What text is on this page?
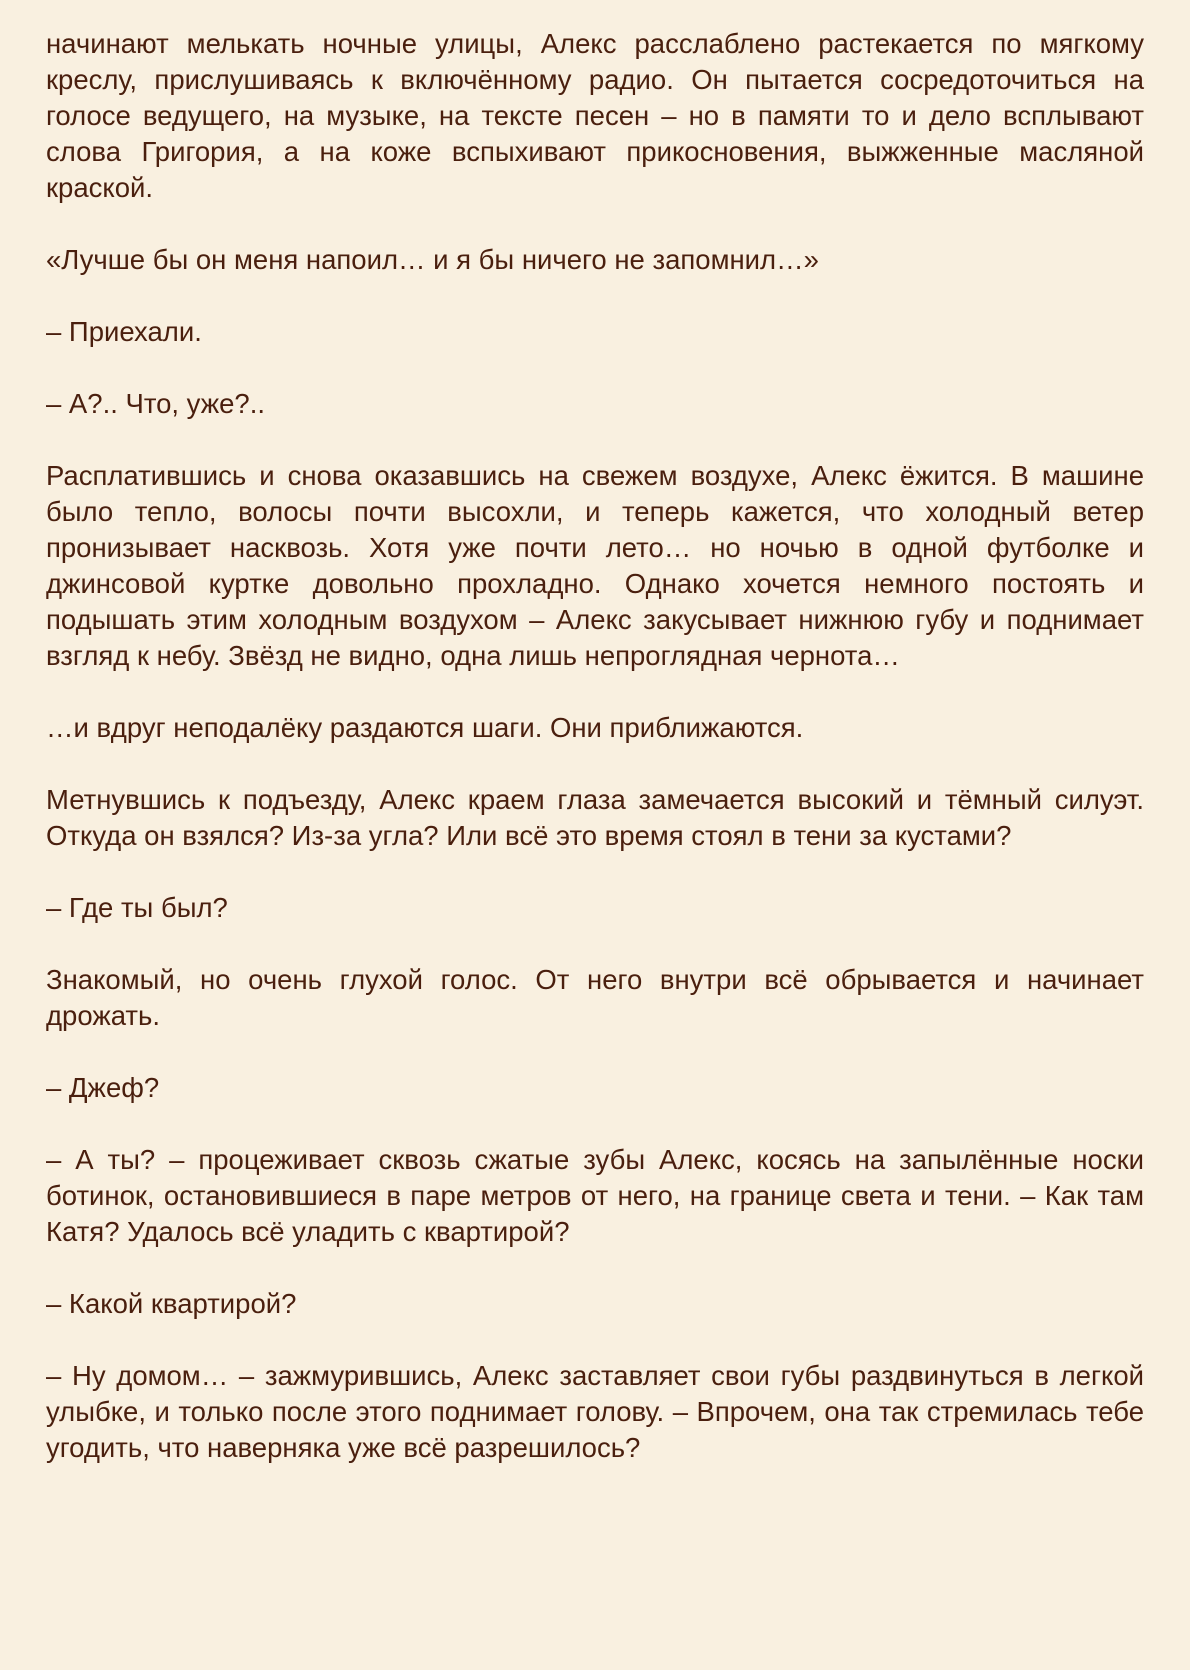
начинают мелькать ночные улицы, Алекс расслаблено растекается по мягкому креслу, прислушиваясь к включённому радио. Он пытается сосредоточиться на голосе ведущего, на музыке, на тексте песен – но в памяти то и дело всплывают слова Григория, а на коже вспыхивают прикосновения, выжженные масляной краской.

«Лучше бы он меня напоил… и я бы ничего не запомнил…»

– Приехали.

– А?.. Что, уже?..

Расплатившись и снова оказавшись на свежем воздухе, Алекс ёжится. В машине было тепло, волосы почти высохли, и теперь кажется, что холодный ветер пронизывает насквозь. Хотя уже почти лето… но ночью в одной футболке и джинсовой куртке довольно прохладно. Однако хочется немного постоять и подышать этим холодным воздухом – Алекс закусывает нижнюю губу и поднимает взгляд к небу. Звёзд не видно, одна лишь непроглядная чернота…

…и вдруг неподалёку раздаются шаги. Они приближаются.

Метнувшись к подъезду, Алекс краем глаза замечается высокий и тёмный силуэт. Откуда он взялся? Из-за угла? Или всё это время стоял в тени за кустами?

– Где ты был?

Знакомый, но очень глухой голос. От него внутри всё обрывается и начинает дрожать.

– Джеф?

– А ты? – процеживает сквозь сжатые зубы Алекс, косясь на запылённые носки ботинок, остановившиеся в паре метров от него, на границе света и тени. – Как там Катя? Удалось всё уладить с квартирой?

– Какой квартирой?

– Ну домом… – зажмурившись, Алекс заставляет свои губы раздвинуться в легкой улыбке, и только после этого поднимает голову. – Впрочем, она так стремилась тебе угодить, что наверняка уже всё разрешилось?
